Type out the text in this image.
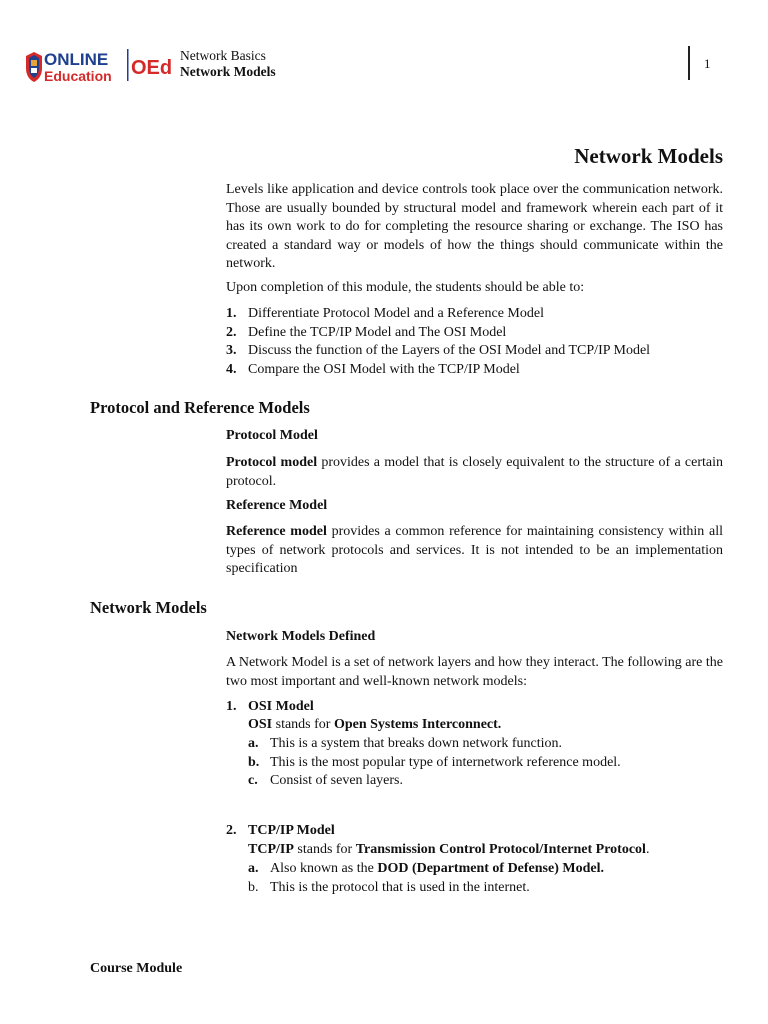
ONLINE
Education OEd
Network Basics
Network Models
1
Network Models

Levels like application and device controls took place over the communication network. Those are usually bounded by structural model and framework wherein each part of it has its own work to do for completing the resource sharing or exchange. The ISO has created a standard way or models of how the things should communicate within the network.

Upon completion of this module, the students should be able to:
1. Differentiate Protocol Model and a Reference Model
2. Define the TCP/IP Model and The OSI Model
3. Discuss the function of the Layers of the OSI Model and TCP/IP Model
4. Compare the OSI Model with the TCP/IP Model
Protocol and Reference Models
Protocol Model

Protocol model provides a model that is closely equivalent to the structure of a certain protocol.

Reference Model

Reference model provides a common reference for maintaining consistency within all types of network protocols and services. It is not intended to be an implementation specification

Network Models
Network Models Defined

A Network Model is a set of network layers and how they interact. The following are the two most important and well-known network models:

1. OSI Model
OSI stands for Open Systems Interconnect.
a. This is a system that breaks down network function.
b. This is the most popular type of internetwork reference model.
c. Consist of seven layers.
2. TCP/IP Model
TCP/IP stands for Transmission Control Protocol/Internet Protocol.
a. Also known as the DOD (Department of Defense) Model.
b. This is the protocol that is used in the internet.
Course Module
